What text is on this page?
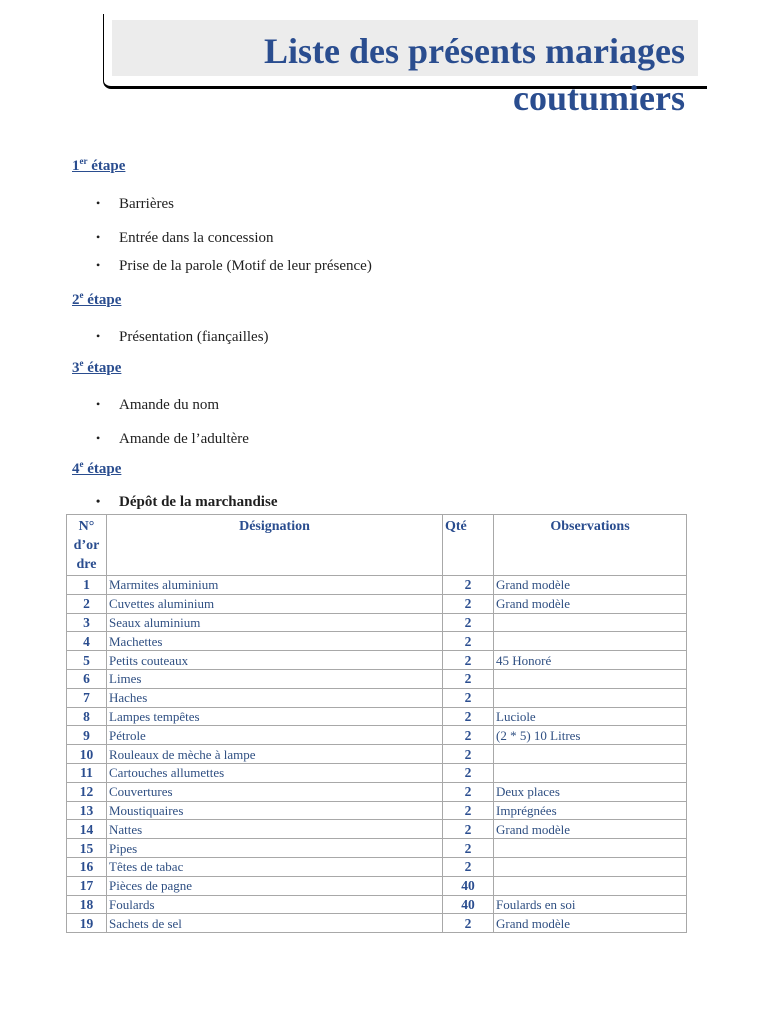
Liste des présents mariages coutumiers
1er étape
• Barrières
• Entrée dans la concession
• Prise de la parole (Motif de leur présence)
2e étape
• Présentation (fiançailles)
3e étape
• Amande du nom
• Amande de l’adultère
4e étape
• Dépôt de la marchandise
N° d’or dre	Désignation	Qté	Observations
1	Marmites aluminium	2	Grand modèle
2	Cuvettes aluminium	2	Grand modèle
3	Seaux aluminium	2	
4	Machettes	2	
5	Petits couteaux	2	45 Honoré
6	Limes	2	
7	Haches	2	
8	Lampes tempêtes	2	Luciole
9	Pétrole	2	(2 * 5) 10 Litres
10	Rouleaux de mèche à lampe	2	
11	Cartouches allumettes	2	
12	Couvertures	2	Deux places
13	Moustiquaires	2	Imprégnées
14	Nattes	2	Grand modèle
15	Pipes	2	
16	Têtes de tabac	2	
17	Pièces de pagne	40	
18	Foulards	40	Foulards en soi
19	Sachets de sel	2	Grand modèle
